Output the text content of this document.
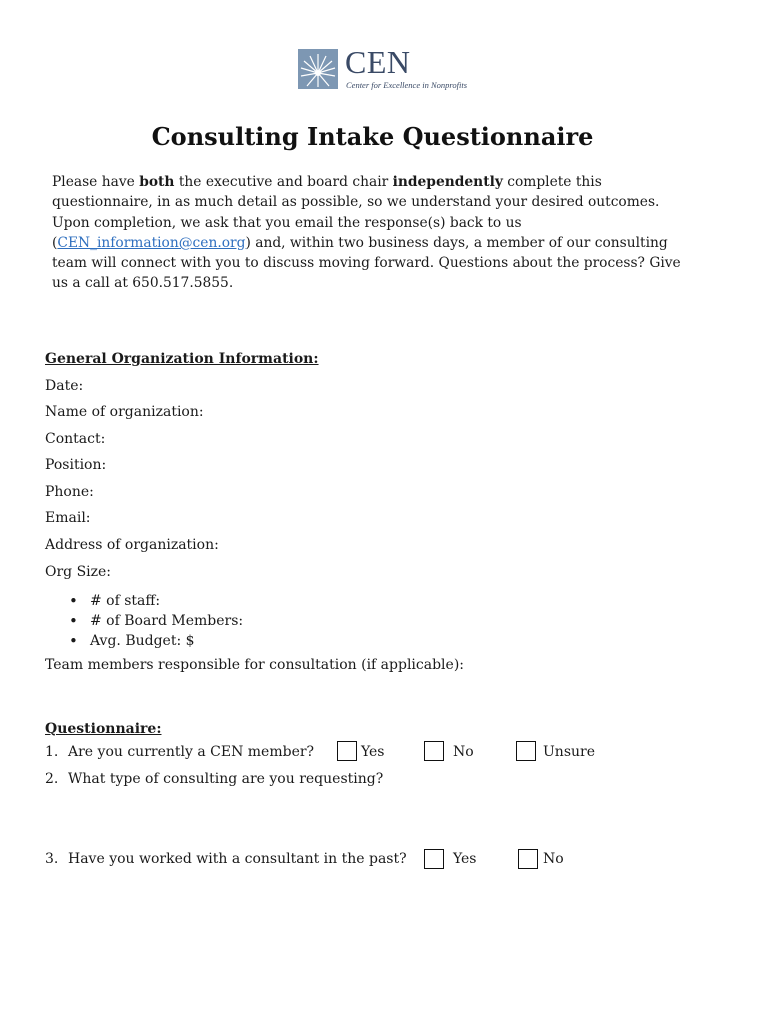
CEN
Center for Excellence in Nonprofits
Consulting Intake Questionnaire
Please have both the executive and board chair independently complete this questionnaire, in as much detail as possible, so we understand your desired outcomes. Upon completion, we ask that you email the response(s) back to us (CEN_information@cen.org) and, within two business days, a member of our consulting team will connect with you to discuss moving forward. Questions about the process? Give us a call at 650.517.5855.
General Organization Information:
Date:
Name of organization:
Contact:
Position:
Phone:
Email:
Address of organization:
Org Size:
• # of staff:
• # of Board Members:
• Avg. Budget: $
Team members responsible for consultation (if applicable):
Questionnaire:
1. Are you currently a CEN member?	Yes	No	Unsure
2. What type of consulting are you requesting?
3. Have you worked with a consultant in the past?	Yes	No
